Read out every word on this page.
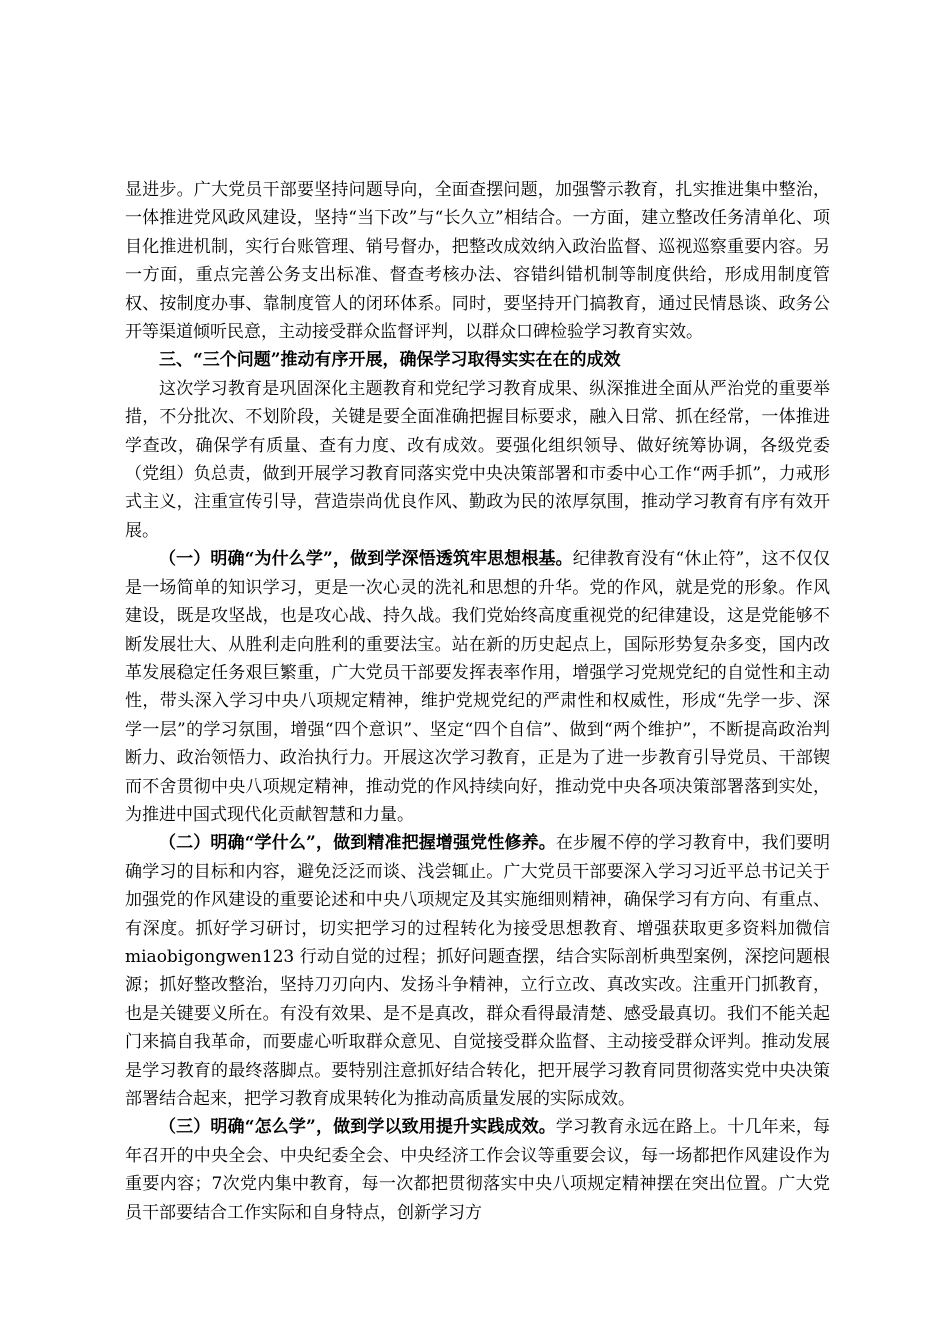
显进步。广大党员干部要坚持问题导向，全面查摆问题，加强警示教育，扎实推进集中整治，一体推进党风政风建设，坚持“当下改”与“长久立”相结合。一方面，建立整改任务清单化、项目化推进机制，实行台账管理、销号督办，把整改成效纳入政治监督、巡视巡察重要内容。另一方面，重点完善公务支出标准、督查考核办法、容错纠错机制等制度供给，形成用制度管权、按制度办事、靠制度管人的闭环体系。同时，要坚持开门搞教育，通过民情恳谈、政务公开等渠道倾听民意，主动接受群众监督评判，以群众口碑检验学习教育实效。

三、“三个问题”推动有序开展，确保学习取得实实在在的成效

这次学习教育是巩固深化主题教育和党纪学习教育成果、纵深推进全面从严治党的重要举措，不分批次、不划阶段，关键是要全面准确把握目标要求，融入日常、抓在经常，一体推进学查改，确保学有质量、查有力度、改有成效。要强化组织领导、做好统筹协调，各级党委（党组）负总责，做到开展学习教育同落实党中央决策部署和市委中心工作“两手抓”，力戒形式主义，注重宣传引导，营造崇尚优良作风、勤政为民的浓厚氛围，推动学习教育有序有效开展。

（一）明确“为什么学”，做到学深悟透筑牢思想根基。纪律教育没有“休止符”，这不仅仅是一场简单的知识学习，更是一次心灵的洗礼和思想的升华。党的作风，就是党的形象。作风建设，既是攻坚战，也是攻心战、持久战。我们党始终高度重视党的纪律建设，这是党能够不断发展壮大、从胜利走向胜利的重要法宝。站在新的历史起点上，国际形势复杂多变，国内改革发展稳定任务艰巨繁重，广大党员干部要发挥表率作用，增强学习党规党纪的自觉性和主动性，带头深入学习中央八项规定精神，维护党规党纪的严肃性和权威性，形成“先学一步、深学一层”的学习氛围，增强“四个意识”、坚定“四个自信”、做到“两个维护”，不断提高政治判断力、政治领悟力、政治执行力。开展这次学习教育，正是为了进一步教育引导党员、干部锲而不舍贯彻中央八项规定精神，推动党的作风持续向好，推动党中央各项决策部署落到实处，为推进中国式现代化贡献智慧和力量。

（二）明确“学什么”，做到精准把握增强党性修养。在步履不停的学习教育中，我们要明确学习的目标和内容，避免泛泛而谈、浅尝辄止。广大党员干部要深入学习习近平总书记关于加强党的作风建设的重要论述和中央八项规定及其实施细则精神，确保学习有方向、有重点、有深度。抓好学习研讨，切实把学习的过程转化为接受思想教育、增强获取更多资料加微信 miaobigongwen123 行动自觉的过程；抓好问题查摆，结合实际剖析典型案例，深挖问题根源；抓好整改整治，坚持刀刃向内、发扬斗争精神，立行立改、真改实改。注重开门抓教育，也是关键要义所在。有没有效果、是不是真改，群众看得最清楚、感受最真切。我们不能关起门来搞自我革命，而要虚心听取群众意见、自觉接受群众监督、主动接受群众评判。推动发展是学习教育的最终落脚点。要特别注意抓好结合转化，把开展学习教育同贯彻落实党中央决策部署结合起来，把学习教育成果转化为推动高质量发展的实际成效。

（三）明确“怎么学”，做到学以致用提升实践成效。学习教育永远在路上。十几年来，每年召开的中央全会、中央纪委全会、中央经济工作会议等重要会议，每一场都把作风建设作为重要内容；7次党内集中教育，每一次都把贯彻落实中央八项规定精神摆在突出位置。广大党员干部要结合工作实际和自身特点，创新学习方
